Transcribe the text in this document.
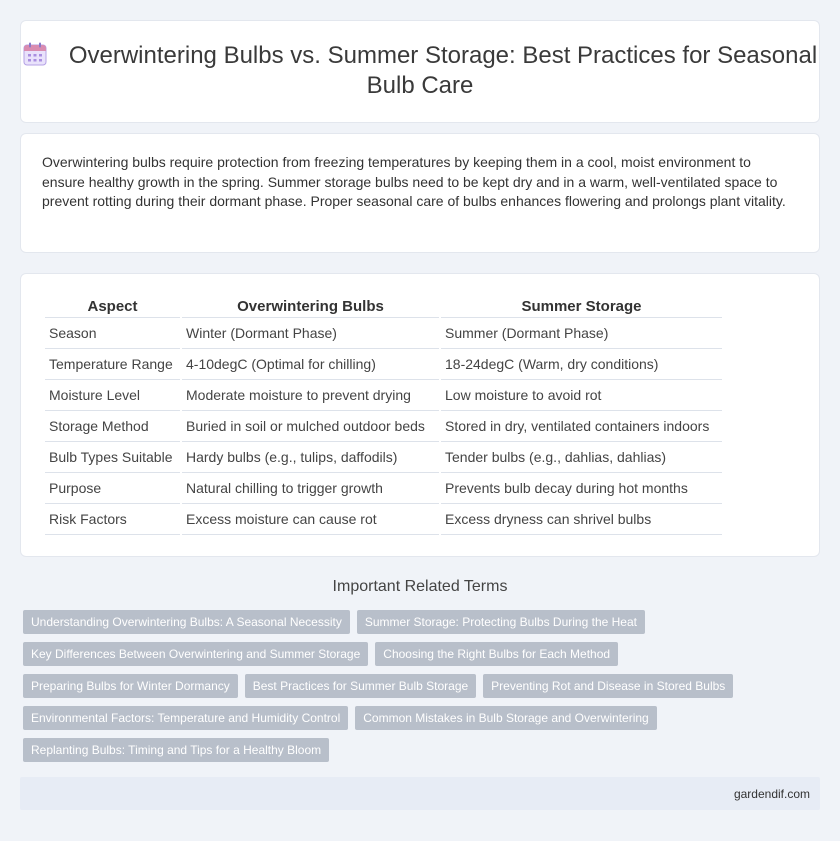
Overwintering Bulbs vs. Summer Storage: Best Practices for Seasonal Bulb Care

Overwintering bulbs require protection from freezing temperatures by keeping them in a cool, moist environment to ensure healthy growth in the spring. Summer storage bulbs need to be kept dry and in a warm, well-ventilated space to prevent rotting during their dormant phase. Proper seasonal care of bulbs enhances flowering and prolongs plant vitality.

Aspect	Overwintering Bulbs	Summer Storage
Season	Winter (Dormant Phase)	Summer (Dormant Phase)
Temperature Range	4-10degC (Optimal for chilling)	18-24degC (Warm, dry conditions)
Moisture Level	Moderate moisture to prevent drying	Low moisture to avoid rot
Storage Method	Buried in soil or mulched outdoor beds	Stored in dry, ventilated containers indoors
Bulb Types Suitable	Hardy bulbs (e.g., tulips, daffodils)	Tender bulbs (e.g., dahlias, dahlias)
Purpose	Natural chilling to trigger growth	Prevents bulb decay during hot months
Risk Factors	Excess moisture can cause rot	Excess dryness can shrivel bulbs
Important Related Terms
Understanding Overwintering Bulbs: A Seasonal Necessity	Summer Storage: Protecting Bulbs During the Heat
Key Differences Between Overwintering and Summer Storage	Choosing the Right Bulbs for Each Method
Preparing Bulbs for Winter Dormancy	Best Practices for Summer Bulb Storage	Preventing Rot and Disease in Stored Bulbs
Environmental Factors: Temperature and Humidity Control	Common Mistakes in Bulb Storage and Overwintering
Replanting Bulbs: Timing and Tips for a Healthy Bloom
gardendif.com
